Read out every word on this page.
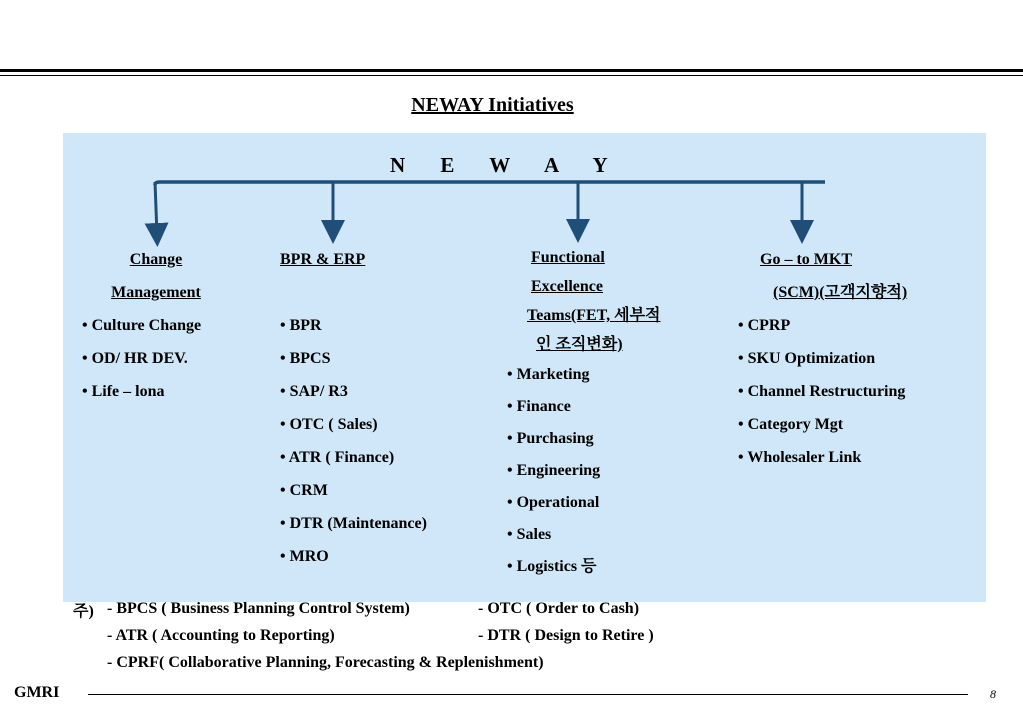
NEWAY Initiatives
N E W A Y
Change
Management
• Culture Change
• OD/ HR DEV.
• Life – lona
BPR & ERP
• BPR
• BPCS
• SAP/ R3
• OTC ( Sales)
• ATR ( Finance)
• CRM
• DTR (Maintenance)
• MRO
Functional
Excellence
Teams(FET, 세부적
인 조직변화)
• Marketing
• Finance
• Purchasing
• Engineering
• Operational
• Sales
• Logistics 등
Go – to MKT
(SCM)(고객지향적)
• CPRP
• SKU Optimization
• Channel Restructuring
• Category Mgt
• Wholesaler Link
주) - BPCS ( Business Planning Control System)	- OTC ( Order to Cash)
- ATR ( Accounting to Reporting)	- DTR ( Design to Retire )
- CPRF( Collaborative Planning, Forecasting & Replenishment)
GMRI	8
